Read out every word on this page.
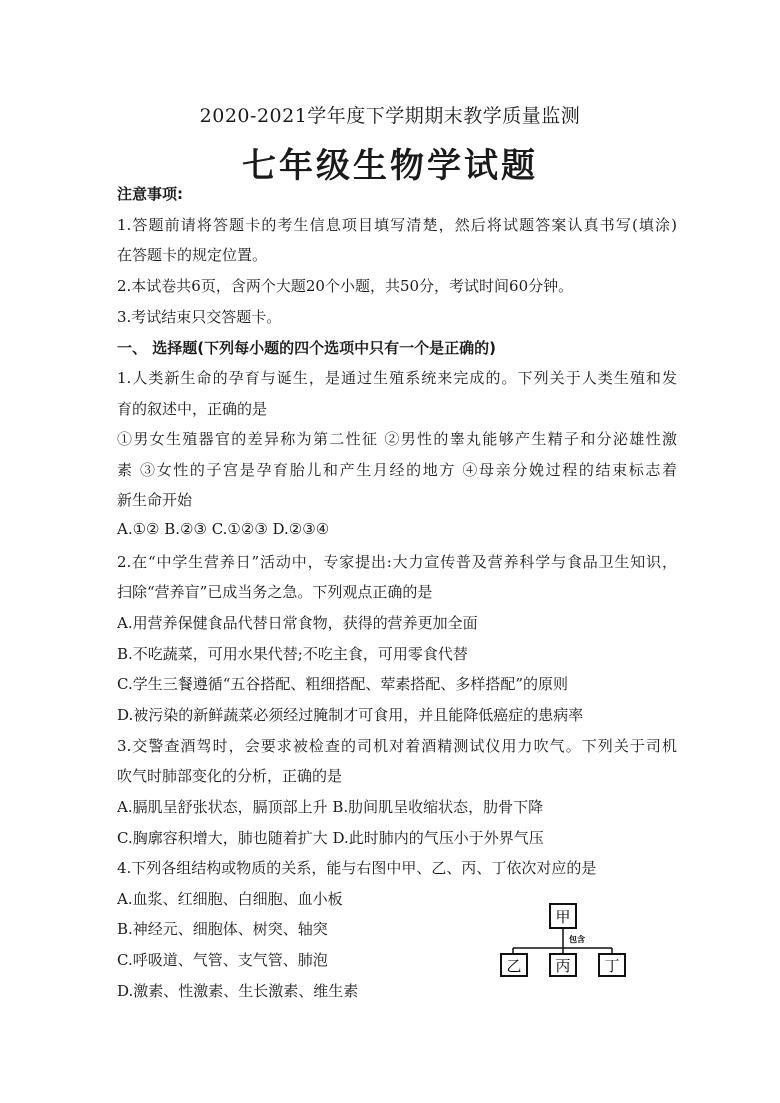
2020-2021学年度下学期期末教学质量监测
七年级生物学试题
注意事项:
1.答题前请将答题卡的考生信息项目填写清楚，然后将试题答案认真书写(填涂)
在答题卡的规定位置。
2.本试卷共6页，含两个大题20个小题，共50分，考试时间60分钟。
3.考试结束只交答题卡。
一、 选择题(下列每小题的四个选项中只有一个是正确的)
1.人类新生命的孕育与诞生，是通过生殖系统来完成的。下列关于人类生殖和发
育的叙述中，正确的是
①男女生殖器官的差异称为第二性征 ②男性的睾丸能够产生精子和分泌雄性激
素 ③女性的子宫是孕育胎儿和产生月经的地方 ④母亲分娩过程的结束标志着
新生命开始
A.①② B.②③ C.①②③ D.②③④
2.在“中学生营养日”活动中，专家提出:大力宣传普及营养科学与食品卫生知识，
扫除“营养盲”已成当务之急。下列观点正确的是
A.用营养保健食品代替日常食物，获得的营养更加全面
B.不吃蔬菜，可用水果代替;不吃主食，可用零食代替
C.学生三餐遵循“五谷搭配、粗细搭配、荤素搭配、多样搭配”的原则
D.被污染的新鲜蔬菜必须经过腌制才可食用，并且能降低癌症的患病率
3.交警查酒驾时，会要求被检查的司机对着酒精测试仪用力吹气。下列关于司机
吹气时肺部变化的分析，正确的是
A.膈肌呈舒张状态，膈顶部上升 B.肋间肌呈收缩状态，肋骨下降
C.胸廓容积增大，肺也随着扩大 D.此时肺内的气压小于外界气压
4.下列各组结构或物质的关系，能与右图中甲、乙、丙、丁依次对应的是
A.血浆、红细胞、白细胞、血小板
B.神经元、细胞体、树突、轴突
C.呼吸道、气管、支气管、肺泡
D.激素、性激素、生长激素、维生素
甲
包含
乙 丙 丁
